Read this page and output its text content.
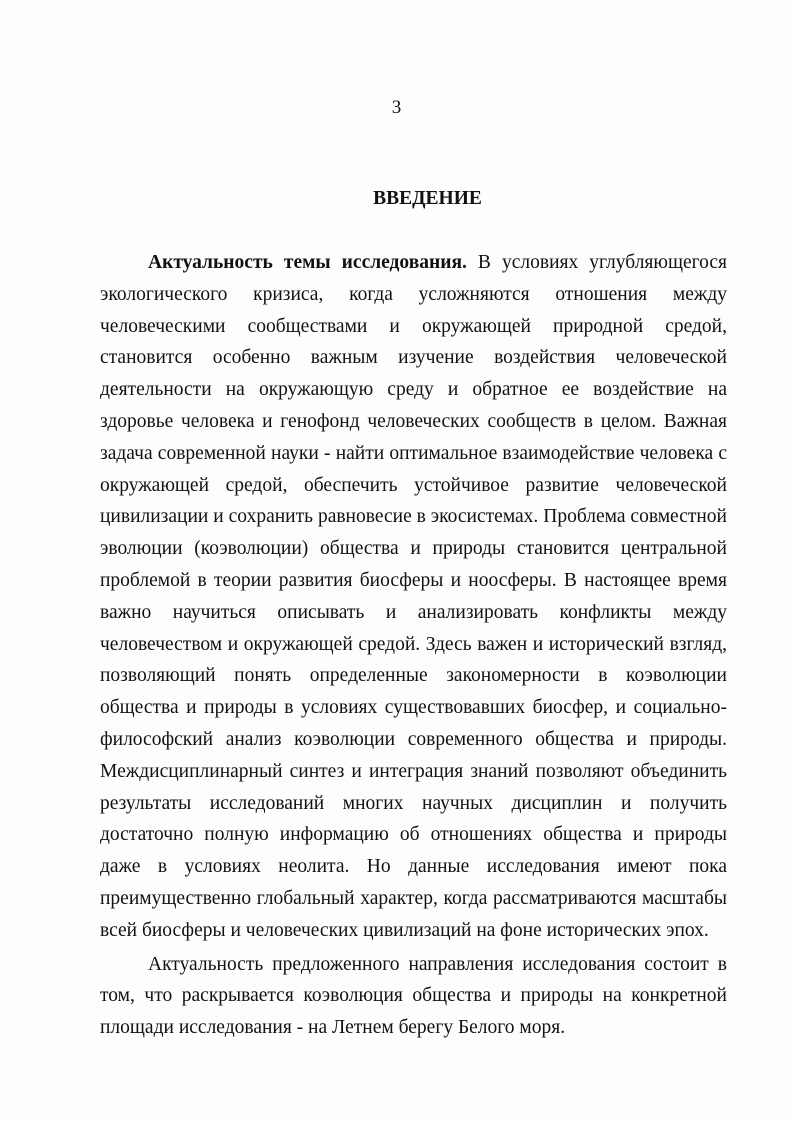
3
ВВЕДЕНИЕ

Актуальность темы исследования. В условиях углубляющегося экологического кризиса, когда усложняются отношения между человеческими сообществами и окружающей природной средой, становится особенно важным изучение воздействия человеческой деятельности на окружающую среду и обратное ее воздействие на здоровье человека и генофонд человеческих сообществ в целом. Важная задача современной науки - найти оптимальное взаимодействие человека с окружающей средой, обеспечить устойчивое развитие человеческой цивилизации и сохранить равновесие в экосистемах. Проблема совместной эволюции (коэволюции) общества и природы становится центральной проблемой в теории развития биосферы и ноосферы. В настоящее время важно научиться описывать и анализировать конфликты между человечеством и окружающей средой. Здесь важен и исторический взгляд, позволяющий понять определенные закономерности в коэволюции общества и природы в условиях существовавших биосфер, и социально-философский анализ коэволюции современного общества и природы. Междисциплинарный синтез и интеграция знаний позволяют объединить результаты исследований многих научных дисциплин и получить достаточно полную информацию об отношениях общества и природы даже в условиях неолита. Но данные исследования имеют пока преимущественно глобальный характер, когда рассматриваются масштабы всей биосферы и человеческих цивилизаций на фоне исторических эпох.

Актуальность предложенного направления исследования состоит в том, что раскрывается коэволюция общества и природы на конкретной площади исследования - на Летнем берегу Белого моря.
